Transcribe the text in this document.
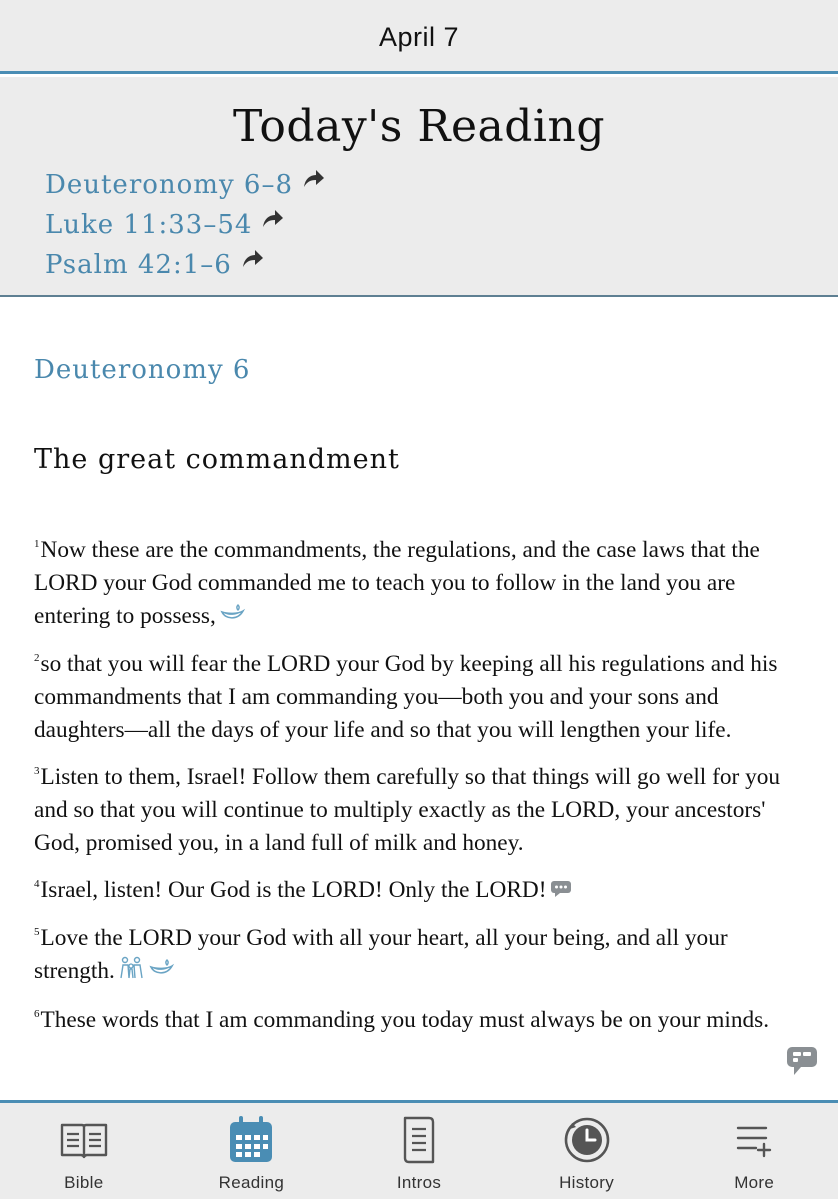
April 7
Today's Reading
Deuteronomy 6–8
Luke 11:33–54
Psalm 42:1–6
Deuteronomy 6
The great commandment

$^1$Now these are the commandments, the regulations, and the case laws that the LORD your God commanded me to teach you to follow in the land you are entering to possess,

$^2$so that you will fear the LORD your God by keeping all his regulations and his commandments that I am commanding you—both you and your sons and daughters—all the days of your life and so that you will lengthen your life.

$^3$Listen to them, Israel! Follow them carefully so that things will go well for you and so that you will continue to multiply exactly as the LORD, your ancestors' God, promised you, in a land full of milk and honey.

$^4$Israel, listen! Our God is the LORD! Only the LORD!

$^5$Love the LORD your God with all your heart, all your being, and all your strength.

$^6$These words that I am commanding you today must always be on your minds.

Bible	Reading	Intros	History	More
